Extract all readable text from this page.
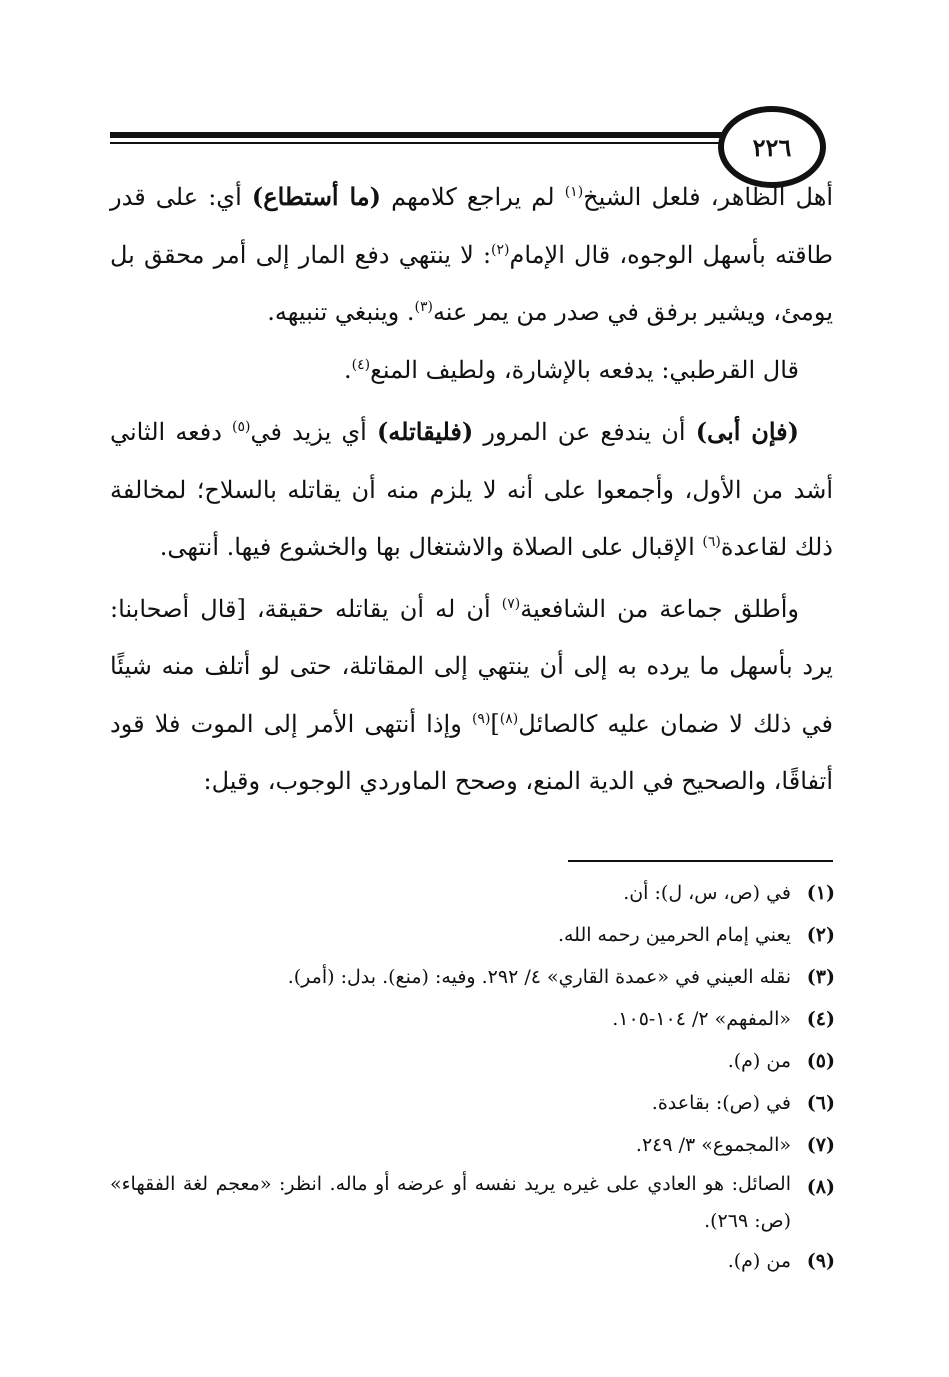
٢٢٦

أهل الظاهر، فلعل الشيخ$^{(١)}$ لم يراجع كلامهم (ما أستطاع) أي: على قدر طاقته بأسهل الوجوه، قال الإمام$^{(٢)}$: لا ينتهي دفع المار إلى أمر محقق بل يومئ، ويشير برفق في صدر من يمر عنه$^{(٣)}$. وينبغي تنبيهه.

قال القرطبي: يدفعه بالإشارة، ولطيف المنع$^{(٤)}$.

(فإن أبى) أن يندفع عن المرور (فليقاتله) أي يزيد في$^{(٥)}$ دفعه الثاني أشد من الأول، وأجمعوا على أنه لا يلزم منه أن يقاتله بالسلاح؛ لمخالفة ذلك لقاعدة$^{(٦)}$ الإقبال على الصلاة والاشتغال بها والخشوع فيها. أنتهى.

وأطلق جماعة من الشافعية$^{(٧)}$ أن له أن يقاتله حقيقة، [قال أصحابنا: يرد بأسهل ما يرده به إلى أن ينتهي إلى المقاتلة، حتى لو أتلف منه شيئًا في ذلك لا ضمان عليه كالصائل$^{(٨)}$]$^{(٩)}$ وإذا أنتهى الأمر إلى الموت فلا قود أتفاقًا، والصحيح في الدية المنع، وصحح الماوردي الوجوب، وقيل:

(١)
في (ص، س، ل): أن.
(٢)
يعني إمام الحرمين رحمه الله.
(٣)
نقله العيني في «عمدة القاري» ٤/ ٢٩٢. وفيه: (منع). بدل: (أمر).
(٤)
«المفهم» ٢/ ١٠٤-١٠٥.
(٥)
من (م).
(٦)
في (ص): بقاعدة.
(٧)
«المجموع» ٣/ ٢٤٩.
(٨)
الصائل: هو العادي على غيره يريد نفسه أو عرضه أو ماله. انظر: «معجم لغة الفقهاء» (ص: ٢٦٩).
(٩)
من (م).
